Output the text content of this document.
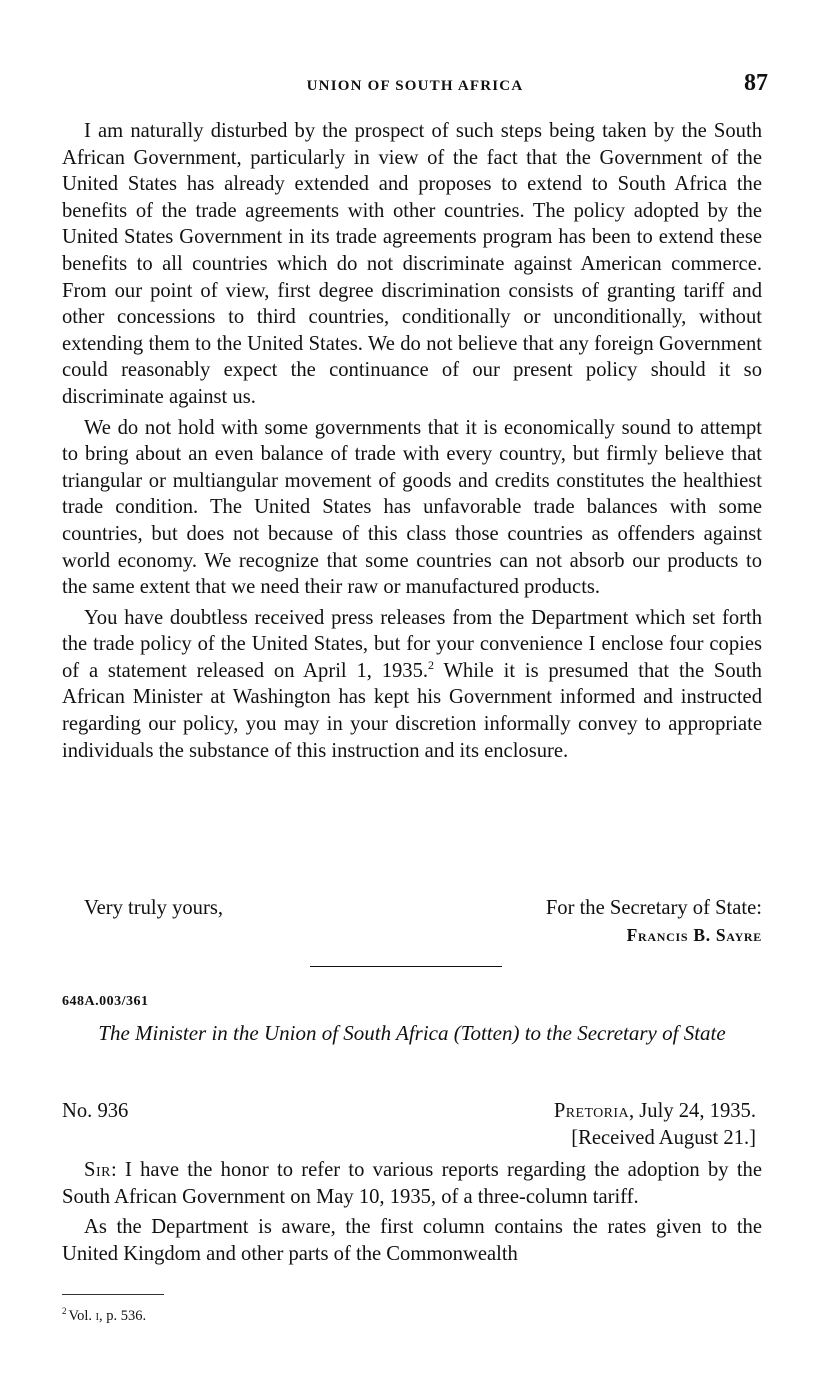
UNION OF SOUTH AFRICA	87

I am naturally disturbed by the prospect of such steps being taken by the South African Government, particularly in view of the fact that the Government of the United States has already extended and proposes to extend to South Africa the benefits of the trade agreements with other countries. The policy adopted by the United States Government in its trade agreements program has been to extend these benefits to all countries which do not discriminate against American commerce. From our point of view, first degree discrimination consists of granting tariff and other concessions to third countries, conditionally or unconditionally, without extending them to the United States. We do not believe that any foreign Government could reasonably expect the continuance of our present policy should it so discriminate against us.

We do not hold with some governments that it is economically sound to attempt to bring about an even balance of trade with every country, but firmly believe that triangular or multiangular movement of goods and credits constitutes the healthiest trade condition. The United States has unfavorable trade balances with some countries, but does not because of this class those countries as offenders against world economy. We recognize that some countries can not absorb our products to the same extent that we need their raw or manufactured products.

You have doubtless received press releases from the Department which set forth the trade policy of the United States, but for your convenience I enclose four copies of a statement released on April 1, 1935.$^2$ While it is presumed that the South African Minister at Washington has kept his Government informed and instructed regarding our policy, you may in your discretion informally convey to appropriate individuals the substance of this instruction and its enclosure.

Very truly yours,	For the Secretary of State:
Francis B. Sayre
648A.003/361
The Minister in the Union of South Africa (Totten) to the Secretary of State
No. 936	Pretoria, July 24, 1935.
[Received August 21.]

Sir: I have the honor to refer to various reports regarding the adoption by the South African Government on May 10, 1935, of a three-column tariff.

As the Department is aware, the first column contains the rates given to the United Kingdom and other parts of the Commonwealth

$^2$ Vol. i, p. 536.
